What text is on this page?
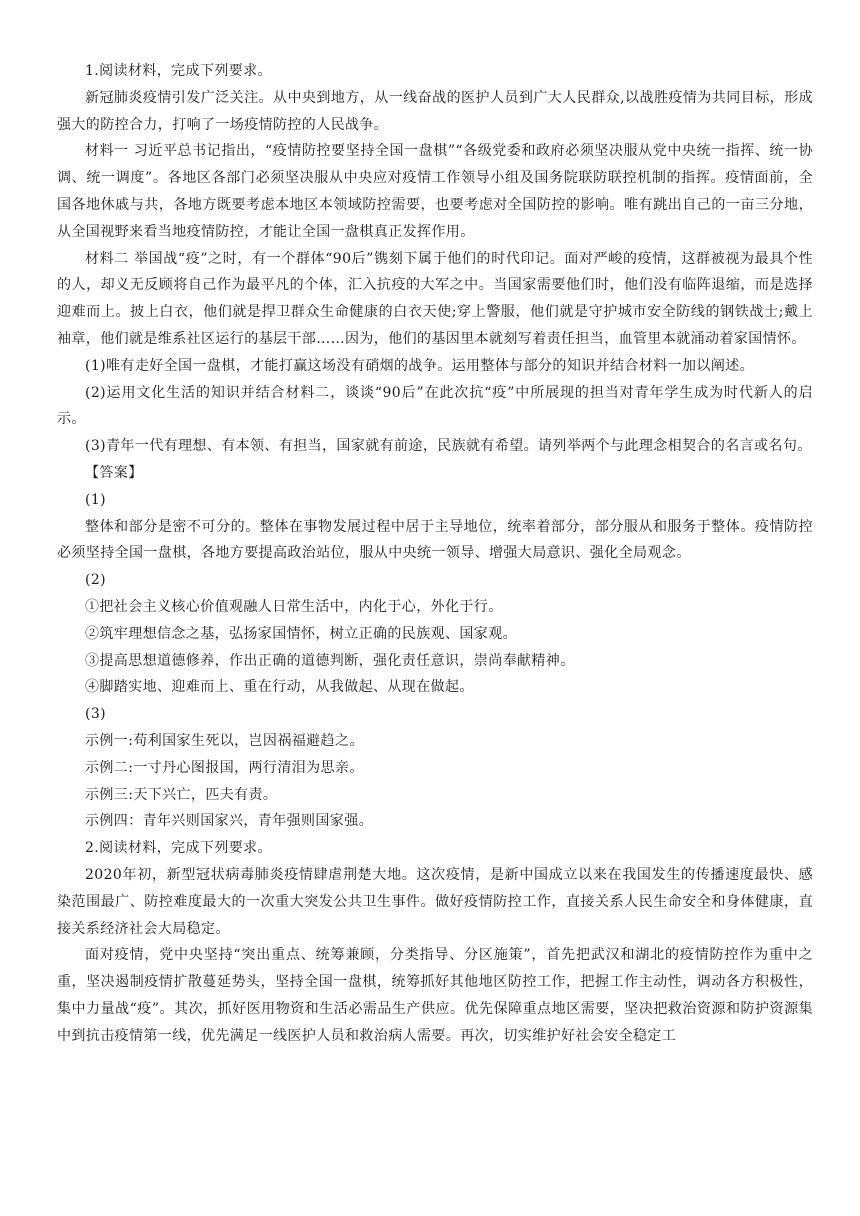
1.阅读材料，完成下列要求。

新冠肺炎疫情引发广泛关注。从中央到地方，从一线奋战的医护人员到广大人民群众,以战胜疫情为共同目标，形成强大的防控合力，打响了一场疫情防控的人民战争。

材料一 习近平总书记指出，“疫情防控要坚持全国一盘棋”“各级党委和政府必须坚决服从党中央统一指挥、统一协调、统一调度”。各地区各部门必须坚决服从中央应对疫情工作领导小组及国务院联防联控机制的指挥。疫情面前，全国各地休戚与共，各地方既要考虑本地区本领域防控需要，也要考虑对全国防控的影响。唯有跳出自己的一亩三分地，从全国视野来看当地疫情防控，才能让全国一盘棋真正发挥作用。

材料二 举国战“疫”之时，有一个群体“90后”镌刻下属于他们的时代印记。面对严峻的疫情，这群被视为最具个性的人，却义无反顾将自己作为最平凡的个体，汇入抗疫的大军之中。当国家需要他们时，他们没有临阵退缩，而是选择迎难而上。披上白衣，他们就是捍卫群众生命健康的白衣天使;穿上警服，他们就是守护城市安全防线的钢铁战士;戴上袖章，他们就是维系社区运行的基层干部……因为，他们的基因里本就刻写着责任担当，血管里本就涌动着家国情怀。

(1)唯有走好全国一盘棋，才能打赢这场没有硝烟的战争。运用整体与部分的知识并结合材料一加以阐述。

(2)运用文化生活的知识并结合材料二，谈谈“90后”在此次抗“疫”中所展现的担当对青年学生成为时代新人的启示。

(3)青年一代有理想、有本领、有担当，国家就有前途，民族就有希望。请列举两个与此理念相契合的名言或名句。

【答案】

(1)

整体和部分是密不可分的。整体在事物发展过程中居于主导地位，统率着部分，部分服从和服务于整体。疫情防控必须坚持全国一盘棋，各地方要提高政治站位，服从中央统一领导、增强大局意识、强化全局观念。

(2)

①把社会主义核心价值观融人日常生活中，内化于心，外化于行。

②筑牢理想信念之基，弘扬家国情怀，树立正确的民族观、国家观。

③提高思想道德修养，作出正确的道德判断，强化责任意识，崇尚奉献精神。

④脚踏实地、迎难而上、重在行动，从我做起、从现在做起。

(3)

示例一:苟利国家生死以，岂因祸福避趋之。

示例二:一寸丹心图报国，两行清泪为思亲。

示例三:天下兴亡，匹夫有责。

示例四：青年兴则国家兴，青年强则国家强。

2.阅读材料，完成下列要求。

2020年初，新型冠状病毒肺炎疫情肆虐荆楚大地。这次疫情，是新中国成立以来在我国发生的传播速度最快、感染范围最广、防控难度最大的一次重大突发公共卫生事件。做好疫情防控工作，直接关系人民生命安全和身体健康，直接关系经济社会大局稳定。

面对疫情，党中央坚持“突出重点、统筹兼顾，分类指导、分区施策”，首先把武汉和湖北的疫情防控作为重中之重，坚决遏制疫情扩散蔓延势头，坚持全国一盘棋，统筹抓好其他地区防控工作，把握工作主动性，调动各方积极性，集中力量战“疫”。其次，抓好医用物资和生活必需品生产供应。优先保障重点地区需要，坚决把救治资源和防护资源集中到抗击疫情第一线，优先满足一线医护人员和救治病人需要。再次，切实维护好社会安全稳定工
